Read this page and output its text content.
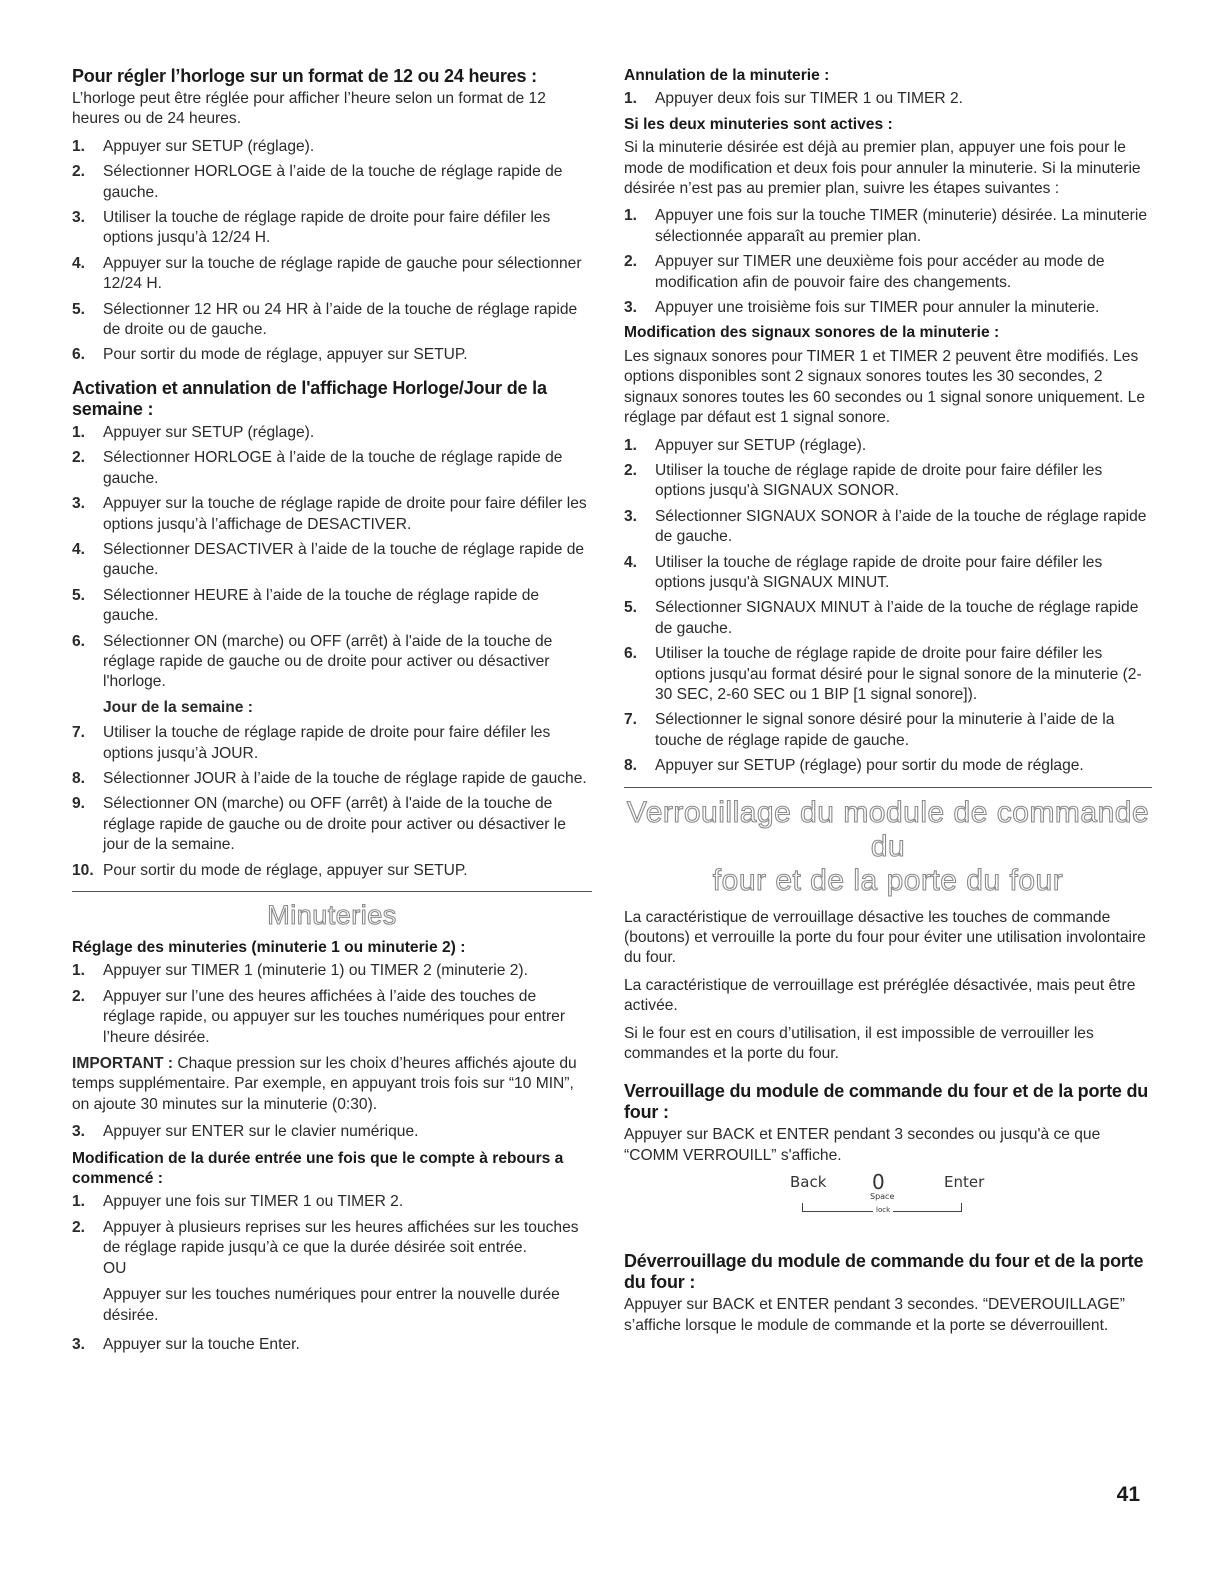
Pour régler l’horloge sur un format de 12 ou 24 heures :

L’horloge peut être réglée pour afficher l’heure selon un format de 12 heures ou de 24 heures.

1. Appuyer sur SETUP (réglage).
2. Sélectionner HORLOGE à l’aide de la touche de réglage rapide de gauche.
3. Utiliser la touche de réglage rapide de droite pour faire défiler les options jusqu’à 12/24 H.
4. Appuyer sur la touche de réglage rapide de gauche pour sélectionner 12/24 H.
5. Sélectionner 12 HR ou 24 HR à l’aide de la touche de réglage rapide de droite ou de gauche.
6. Pour sortir du mode de réglage, appuyer sur SETUP.
Activation et annulation de l'affichage Horloge/Jour de la semaine :
1. Appuyer sur SETUP (réglage).
2. Sélectionner HORLOGE à l’aide de la touche de réglage rapide de gauche.
3. Appuyer sur la touche de réglage rapide de droite pour faire défiler les options jusqu’à l’affichage de DESACTIVER.
4. Sélectionner DESACTIVER à l’aide de la touche de réglage rapide de gauche.
5. Sélectionner HEURE à l’aide de la touche de réglage rapide de gauche.
6. Sélectionner ON (marche) ou OFF (arrêt) à l'aide de la touche de réglage rapide de gauche ou de droite pour activer ou désactiver l'horloge.
Jour de la semaine :
7. Utiliser la touche de réglage rapide de droite pour faire défiler les options jusqu’à JOUR.
8. Sélectionner JOUR à l’aide de la touche de réglage rapide de gauche.
9. Sélectionner ON (marche) ou OFF (arrêt) à l'aide de la touche de réglage rapide de gauche ou de droite pour activer ou désactiver le jour de la semaine.
10. Pour sortir du mode de réglage, appuyer sur SETUP.
Minuteries
Réglage des minuteries (minuterie 1 ou minuterie 2) :
1. Appuyer sur TIMER 1 (minuterie 1) ou TIMER 2 (minuterie 2).
2. Appuyer sur l’une des heures affichées à l’aide des touches de réglage rapide, ou appuyer sur les touches numériques pour entrer l’heure désirée.

IMPORTANT : Chaque pression sur les choix d’heures affichés ajoute du temps supplémentaire. Par exemple, en appuyant trois fois sur “10 MIN”, on ajoute 30 minutes sur la minuterie (0:30).

3. Appuyer sur ENTER sur le clavier numérique.
Modification de la durée entrée une fois que le compte à rebours a commencé :
1. Appuyer une fois sur TIMER 1 ou TIMER 2.
2. Appuyer à plusieurs reprises sur les heures affichées sur les touches de réglage rapide jusqu’à ce que la durée désirée soit entrée.
OU
Appuyer sur les touches numériques pour entrer la nouvelle durée désirée.
3. Appuyer sur la touche Enter.
Annulation de la minuterie :
1. Appuyer deux fois sur TIMER 1 ou TIMER 2.
Si les deux minuteries sont actives :

Si la minuterie désirée est déjà au premier plan, appuyer une fois pour le mode de modification et deux fois pour annuler la minuterie. Si la minuterie désirée n’est pas au premier plan, suivre les étapes suivantes :

1. Appuyer une fois sur la touche TIMER (minuterie) désirée. La minuterie sélectionnée apparaît au premier plan.
2. Appuyer sur TIMER une deuxième fois pour accéder au mode de modification afin de pouvoir faire des changements.
3. Appuyer une troisième fois sur TIMER pour annuler la minuterie.
Modification des signaux sonores de la minuterie :

Les signaux sonores pour TIMER 1 et TIMER 2 peuvent être modifiés. Les options disponibles sont 2 signaux sonores toutes les 30 secondes, 2 signaux sonores toutes les 60 secondes ou 1 signal sonore uniquement. Le réglage par défaut est 1 signal sonore.

1. Appuyer sur SETUP (réglage).
2. Utiliser la touche de réglage rapide de droite pour faire défiler les options jusqu'à SIGNAUX SONOR.
3. Sélectionner SIGNAUX SONOR à l’aide de la touche de réglage rapide de gauche.
4. Utiliser la touche de réglage rapide de droite pour faire défiler les options jusqu'à SIGNAUX MINUT.
5. Sélectionner SIGNAUX MINUT à l’aide de la touche de réglage rapide de gauche.
6. Utiliser la touche de réglage rapide de droite pour faire défiler les options jusqu'au format désiré pour le signal sonore de la minuterie (2-30 SEC, 2-60 SEC ou 1 BIP [1 signal sonore]).
7. Sélectionner le signal sonore désiré pour la minuterie à l’aide de la touche de réglage rapide de gauche.
8. Appuyer sur SETUP (réglage) pour sortir du mode de réglage.
Verrouillage du module de commande du
four et de la porte du four

La caractéristique de verrouillage désactive les touches de commande (boutons) et verrouille la porte du four pour éviter une utilisation involontaire du four.

La caractéristique de verrouillage est préréglée désactivée, mais peut être activée.

Si le four est en cours d’utilisation, il est impossible de verrouiller les commandes et la porte du four.

Verrouillage du module de commande du four et de la porte du four :

Appuyer sur BACK et ENTER pendant 3 secondes ou jusqu'à ce que “COMM VERROUILL” s'affiche.

Back 0
Space
Enter
lock
Déverrouillage du module de commande du four et de la porte du four :

Appuyer sur BACK et ENTER pendant 3 secondes. “DEVEROUILLAGE” s’affiche lorsque le module de commande et la porte se déverrouillent.

41
